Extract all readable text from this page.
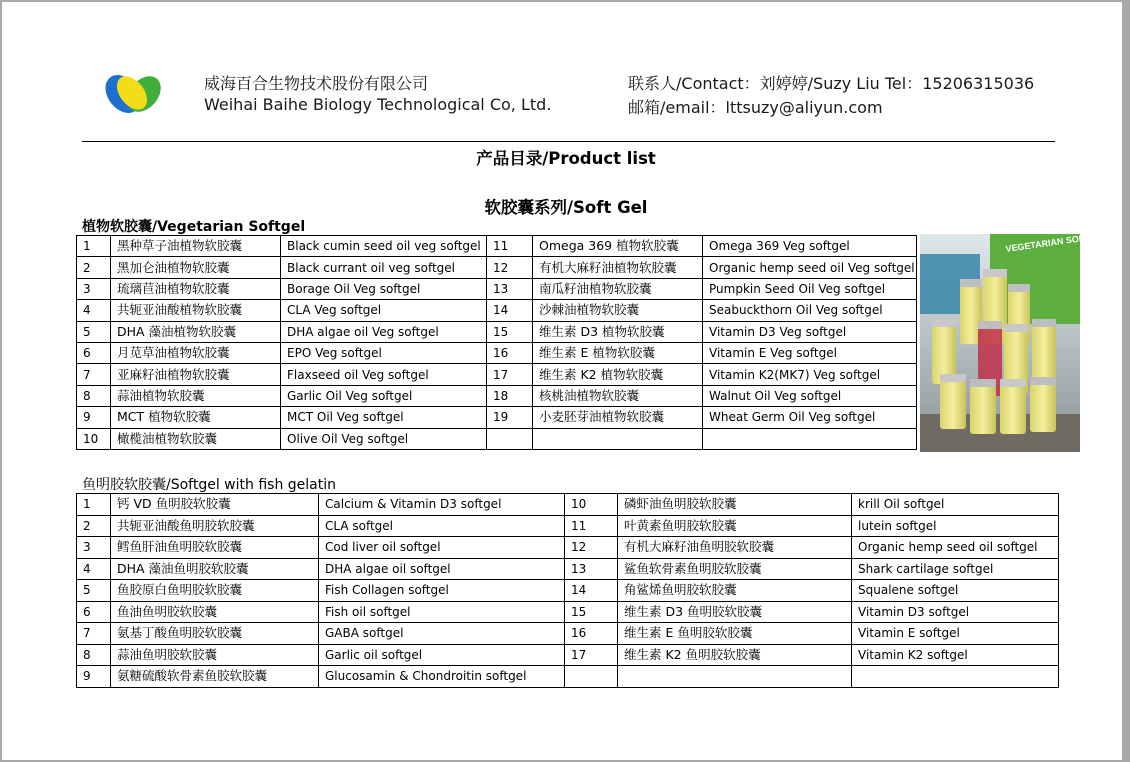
威海百合生物技术股份有限公司
Weihai Baihe Biology Technological Co, Ltd.
联系人/Contact：刘婷婷/Suzy Liu Tel：15206315036
邮箱/email：lttsuzy@aliyun.com
产品目录/Product list
软胶囊系列/Soft Gel
植物软胶囊/Vegetarian Softgel
1	黑种草子油植物软胶囊	Black cumin seed oil veg softgel	11	Omega 369 植物软胶囊	Omega 369 Veg softgel
2	黑加仑油植物软胶囊	Black currant oil veg softgel	12	有机大麻籽油植物软胶囊	Organic hemp seed oil Veg softgel
3	琉璃苣油植物软胶囊	Borage Oil Veg softgel	13	南瓜籽油植物软胶囊	Pumpkin Seed Oil Veg softgel
4	共轭亚油酸植物软胶囊	CLA Veg softgel	14	沙棘油植物软胶囊	Seabuckthorn Oil Veg softgel
5	DHA 藻油植物软胶囊	DHA algae oil Veg softgel	15	维生素 D3 植物软胶囊	Vitamin D3 Veg softgel
6	月苋草油植物软胶囊	EPO Veg softgel	16	维生素 E 植物软胶囊	Vitamin E Veg softgel
7	亚麻籽油植物软胶囊	Flaxseed oil Veg softgel	17	维生素 K2 植物软胶囊	Vitamin K2(MK7) Veg softgel
8	蒜油植物软胶囊	Garlic Oil Veg softgel	18	核桃油植物软胶囊	Walnut Oil Veg softgel
9	MCT 植物软胶囊	MCT Oil Veg softgel	19	小麦胚芽油植物软胶囊	Wheat Germ Oil Veg softgel
10	橄榄油植物软胶囊	Olive Oil Veg softgel			
VEGETARIAN SOFTGEL
鱼明胶软胶囊/Softgel with fish gelatin
1	钙 VD 鱼明胶软胶囊	Calcium & Vitamin D3 softgel	10	磷虾油鱼明胶软胶囊	krill Oil softgel
2	共轭亚油酸鱼明胶软胶囊	CLA softgel	11	叶黄素鱼明胶软胶囊	lutein softgel
3	鳕鱼肝油鱼明胶软胶囊	Cod liver oil softgel	12	有机大麻籽油鱼明胶软胶囊	Organic hemp seed oil softgel
4	DHA 藻油鱼明胶软胶囊	DHA algae oil softgel	13	鲨鱼软骨素鱼明胶软胶囊	Shark cartilage softgel
5	鱼胶原白鱼明胶软胶囊	Fish Collagen softgel	14	角鲨烯鱼明胶软胶囊	Squalene softgel
6	鱼油鱼明胶软胶囊	Fish oil softgel	15	维生素 D3 鱼明胶软胶囊	Vitamin D3 softgel
7	氨基丁酸鱼明胶软胶囊	GABA softgel	16	维生素 E 鱼明胶软胶囊	Vitamin E softgel
8	蒜油鱼明胶软胶囊	Garlic oil softgel	17	维生素 K2 鱼明胶软胶囊	Vitamin K2 softgel
9	氨糖硫酸软骨素鱼胶软胶囊	Glucosamin & Chondroitin softgel			
